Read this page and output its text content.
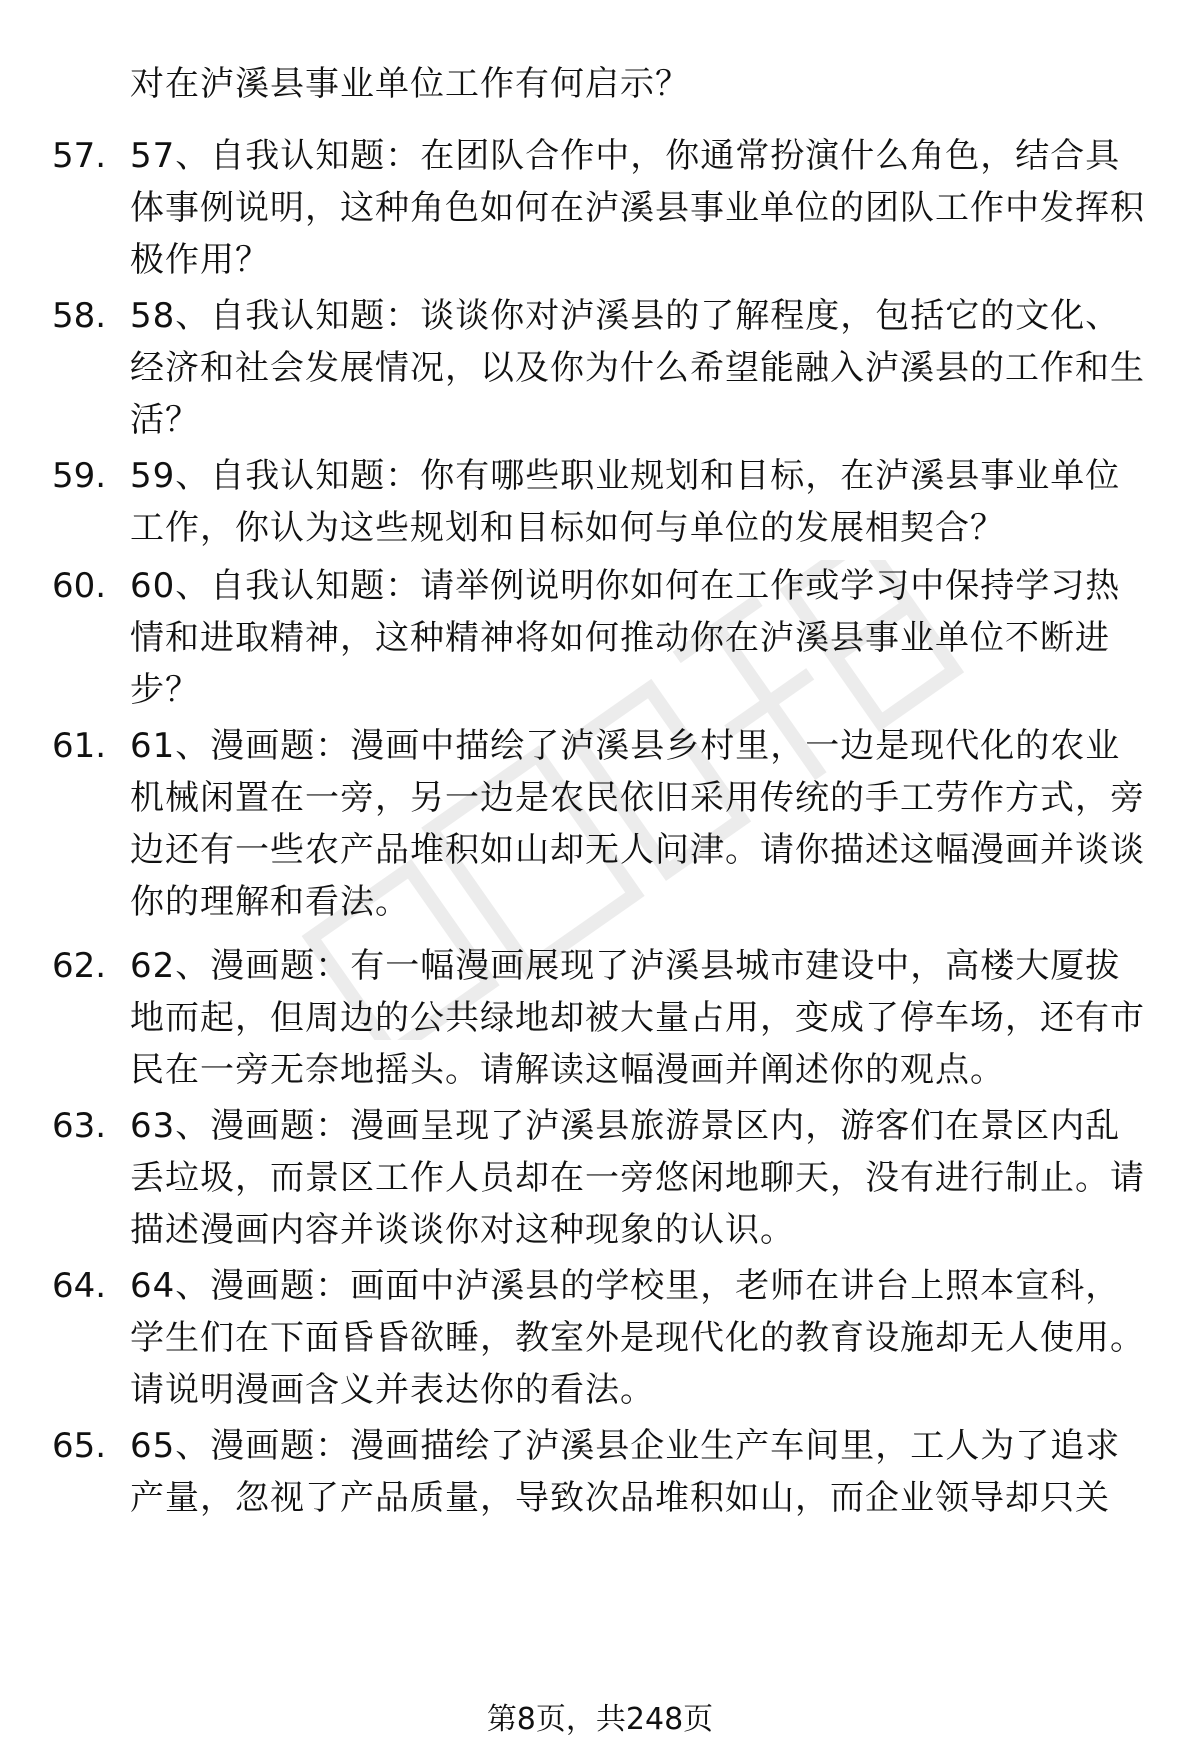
对在泸溪县事业单位工作有何启示？
57. 57、自我认知题：在团队合作中，你通常扮演什么角色，结合具体事例说明，这种角色如何在泸溪县事业单位的团队工作中发挥积极作用？
58. 58、自我认知题：谈谈你对泸溪县的了解程度，包括它的文化、经济和社会发展情况，以及你为什么希望能融入泸溪县的工作和生活？
59. 59、自我认知题：你有哪些职业规划和目标，在泸溪县事业单位工作，你认为这些规划和目标如何与单位的发展相契合？
60. 60、自我认知题：请举例说明你如何在工作或学习中保持学习热情和进取精神，这种精神将如何推动你在泸溪县事业单位不断进步？
61. 61、漫画题：漫画中描绘了泸溪县乡村里，一边是现代化的农业机械闲置在一旁，另一边是农民依旧采用传统的手工劳作方式，旁边还有一些农产品堆积如山却无人问津。请你描述这幅漫画并谈谈你的理解和看法。
62. 62、漫画题：有一幅漫画展现了泸溪县城市建设中，高楼大厦拔地而起，但周边的公共绿地却被大量占用，变成了停车场，还有市民在一旁无奈地摇头。请解读这幅漫画并阐述你的观点。
63. 63、漫画题：漫画呈现了泸溪县旅游景区内，游客们在景区内乱丢垃圾，而景区工作人员却在一旁悠闲地聊天，没有进行制止。请描述漫画内容并谈谈你对这种现象的认识。
64. 64、漫画题：画面中泸溪县的学校里，老师在讲台上照本宣科，学生们在下面昏昏欲睡，教室外是现代化的教育设施却无人使用。请说明漫画含义并表达你的看法。
65. 65、漫画题：漫画描绘了泸溪县企业生产车间里，工人为了追求产量，忽视了产品质量，导致次品堆积如山，而企业领导却只关
第8页，共248页
